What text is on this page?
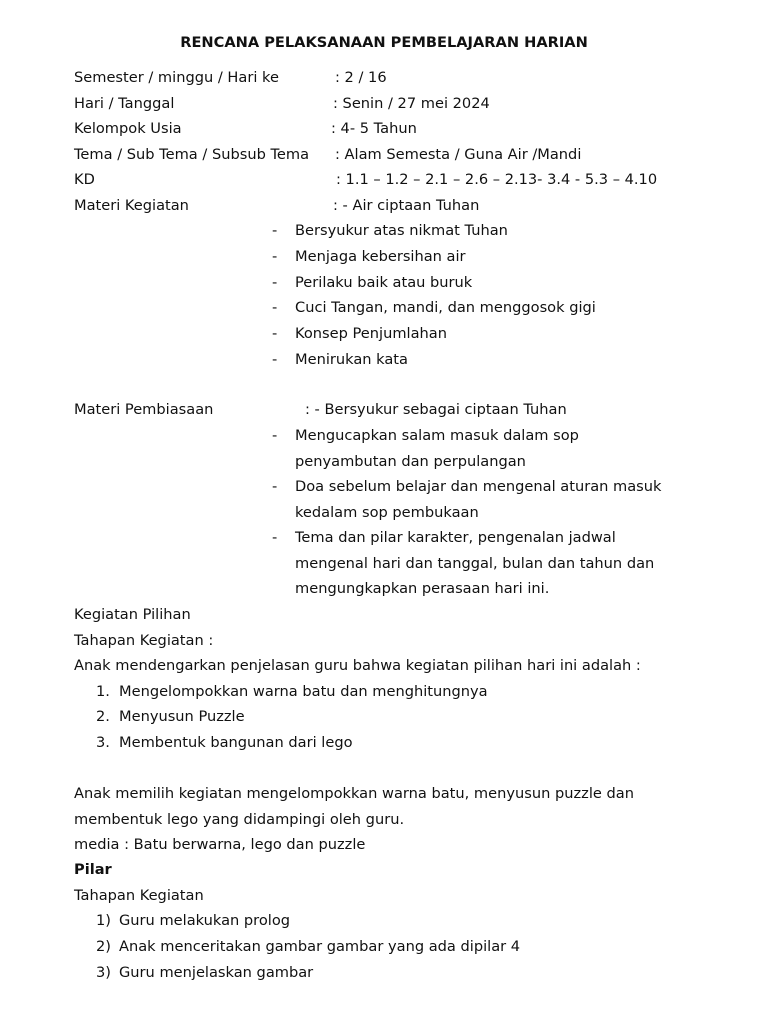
RENCANA PELAKSANAAN PEMBELAJARAN HARIAN
Semester / minggu / Hari ke	: 2 / 16
Hari / Tanggal	: Senin / 27 mei 2024
Kelompok Usia	: 4- 5 Tahun
Tema / Sub Tema / Subsub Tema : Alam Semesta / Guna Air /Mandi
KD	: 1.1 – 1.2 – 2.1 – 2.6 – 2.13- 3.4 - 5.3 – 4.10
Materi Kegiatan	: - Air ciptaan Tuhan
- Bersyukur atas nikmat Tuhan
- Menjaga kebersihan air
- Perilaku baik atau buruk
- Cuci Tangan, mandi, dan menggosok gigi
- Konsep Penjumlahan
- Menirukan kata
Materi Pembiasaan	: - Bersyukur sebagai ciptaan Tuhan
- Mengucapkan salam masuk dalam sop
penyambutan dan perpulangan
- Doa sebelum belajar dan mengenal aturan masuk
kedalam sop pembukaan
- Tema dan pilar karakter, pengenalan jadwal
mengenal hari dan tanggal, bulan dan tahun dan
mengungkapkan perasaan hari ini.
Kegiatan Pilihan
Tahapan Kegiatan :
Anak mendengarkan penjelasan guru bahwa kegiatan pilihan hari ini adalah :
1. Mengelompokkan warna batu dan menghitungnya
2. Menyusun Puzzle
3. Membentuk bangunan dari lego
Anak memilih kegiatan mengelompokkan warna batu, menyusun puzzle dan
membentuk lego yang didampingi oleh guru.
media : Batu berwarna, lego dan puzzle
Pilar
Tahapan Kegiatan
1) Guru melakukan prolog
2) Anak menceritakan gambar gambar yang ada dipilar 4
3) Guru menjelaskan gambar
